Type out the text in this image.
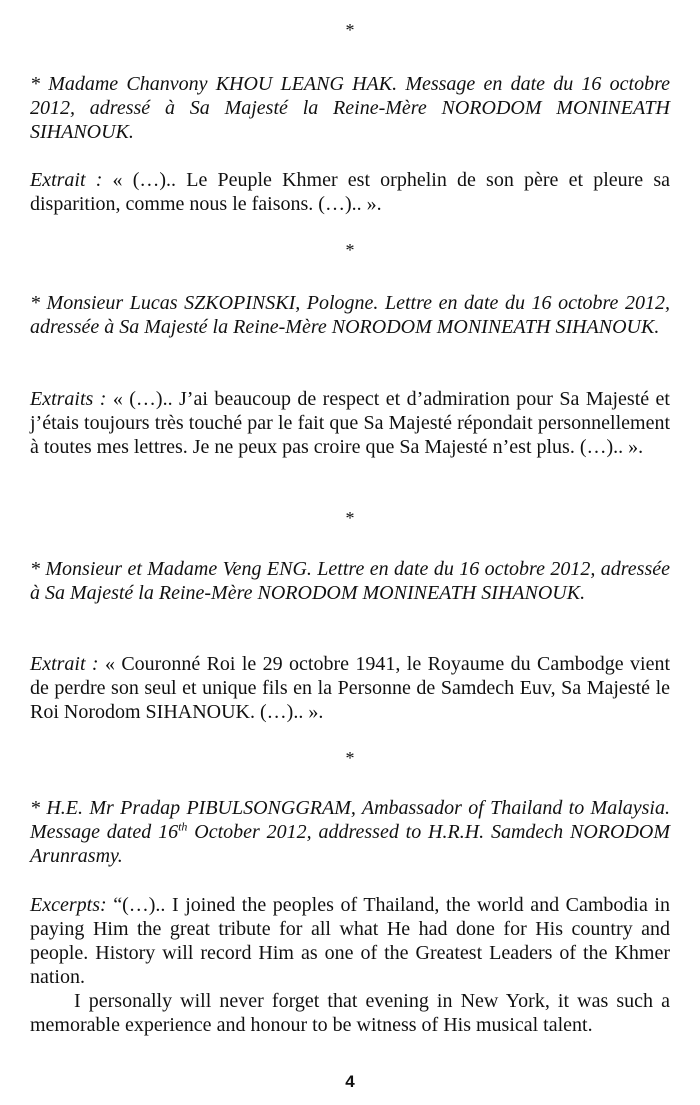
*
* Madame Chanvony KHOU LEANG HAK. Message en date du 16 octobre 2012, adressé à Sa Majesté la Reine-Mère NORODOM MONINEATH SIHANOUK.
Extrait : « (…).. Le Peuple Khmer est orphelin de son père et pleure sa disparition, comme nous le faisons. (…).. ».
*
* Monsieur Lucas SZKOPINSKI, Pologne. Lettre en date du 16 octobre 2012, adressée à Sa Majesté la Reine-Mère NORODOM MONINEATH SIHANOUK.
Extraits : « (…).. J’ai beaucoup de respect et d’admiration pour Sa Majesté et j’étais toujours très touché par le fait que Sa Majesté répondait personnellement à toutes mes lettres. Je ne peux pas croire que Sa Majesté n’est plus. (…).. ».
*
* Monsieur et Madame Veng ENG. Lettre en date du 16 octobre 2012, adressée à Sa Majesté la Reine-Mère NORODOM MONINEATH SIHANOUK.
Extrait : « Couronné Roi le 29 octobre 1941, le Royaume du Cambodge vient de perdre son seul et unique fils en la Personne de Samdech Euv, Sa Majesté le Roi Norodom SIHANOUK. (…).. ».
*
* H.E. Mr Pradap PIBULSONGGRAM, Ambassador of Thailand to Malaysia. Message dated 16th October 2012, addressed to H.R.H. Samdech NORODOM Arunrasmy.

Excerpts: “(…).. I joined the peoples of Thailand, the world and Cambodia in paying Him the great tribute for all what He had done for His country and people. History will record Him as one of the Greatest Leaders of the Khmer nation.

I personally will never forget that evening in New York, it was such a memorable experience and honour to be witness of His musical talent.

4
